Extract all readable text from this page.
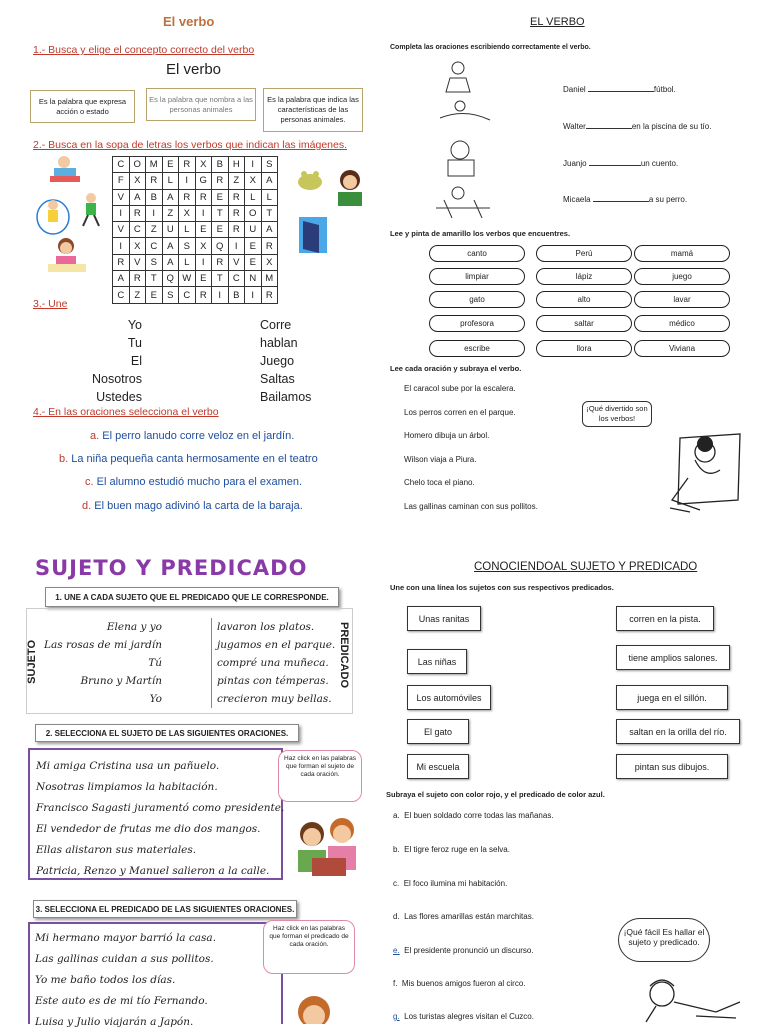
El verbo
1.- Busca y elige el concepto correcto del verbo
El verbo
Es la palabra que expresa acción o estado
Es la palabra que nombra a las personas animales
Es la palabra que indica las características de las personas animales.
2.- Busca en la sopa de letras los verbos que indican las imágenes.
C	O	M	E	R	X	B	H	I	S
F	X	R	L	I	G	R	Z	X	A
V	A	B	A	R	R	E	R	L	L
I	R	I	Z	X	I	T	R	O	T
V	C	Z	U	L	E	E	R	U	A
I	X	C	A	S	X	Q	I	E	R
R	V	S	A	L	I	R	V	E	X
A	R	T	Q	W	E	T	C	N	M
C	Z	E	S	C	R	I	B	I	R
3.- Une
Yo
Tu
El
Nosotros
Ustedes
Corre
hablan
Juego
Saltas
Bailamos
4.- En las oraciones selecciona el verbo
a. El perro lanudo corre veloz en el jardín.
b. La niña pequeña canta hermosamente en el teatro
c. El alumno estudió mucho para el examen.
d. El buen mago adivinó la carta de la baraja.
EL VERBO
Completa las oraciones escribiendo correctamente el verbo.
Daniel	fútbol.
Walter	en la piscina de su tío.
Juanjo	un cuento.
Micaela	a su perro.
Lee y pinta de amarillo los verbos que encuentres.
canto	Perú	mamá
limpiar	lápiz	juego
gato	alto	lavar
profesora	saltar	médico
escribe	llora	Viviana
Lee cada oración y subraya el verbo.
El caracol sube por la escalera.
Los perros corren en el parque.
Homero dibuja un árbol.
Wilson viaja a Piura.
Chelo toca el piano.
Las gallinas caminan con sus pollitos.
¡Qué divertido son los verbos!
SUJETO Y PREDICADO
1. UNE A CADA SUJETO QUE EL PREDICADO QUE LE CORRESPONDE.
SUJETO	PREDICADO
Elena y yo
Las rosas de mi jardín
Tú
Bruno y Martín
Yo
lavaron los platos.
jugamos en el parque.
compré una muñeca.
pintas con témperas.
crecieron muy bellas.
2. SELECCIONA EL SUJETO DE LAS SIGUIENTES ORACIONES.
Mi amiga Cristina usa un pañuelo.
Nosotras limpiamos la habitación.
Francisco Sagasti juramentó como presidente.
El vendedor de frutas me dio dos mangos.
Ellas alistaron sus materiales.
Patricia, Renzo y Manuel salieron a la calle.
Haz click en las palabras que forman el sujeto de cada oración.
3. SELECCIONA EL PREDICADO DE LAS SIGUIENTES ORACIONES.
Mi hermano mayor barrió la casa.
Las gallinas cuidan a sus pollitos.
Yo me baño todos los días.
Este auto es de mi tío Fernando.
Luisa y Julio viajarán a Japón.
Haz click en las palabras que forman el predicado de cada oración.
CONOCIENDOAL SUJETO Y PREDICADO
Une con una línea los sujetos con sus respectivos predicados.
Unas ranitas
Las niñas
Los automóviles
El gato
Mi escuela
corren en la pista.
tiene amplios salones.
juega en el sillón.
saltan en la orilla del río.
pintan sus dibujos.
Subraya el sujeto con color rojo, y el predicado de color azul.
a. El buen soldado corre todas las mañanas.
b. El tigre feroz ruge en la selva.
c. El foco ilumina mi habitación.
d. Las flores amarillas están marchitas.
e. El presidente pronunció un discurso.
f. Mis buenos amigos fueron al circo.
g. Los turistas alegres visitan el Cuzco.
¡Qué fácil Es hallar el sujeto y predicado.
